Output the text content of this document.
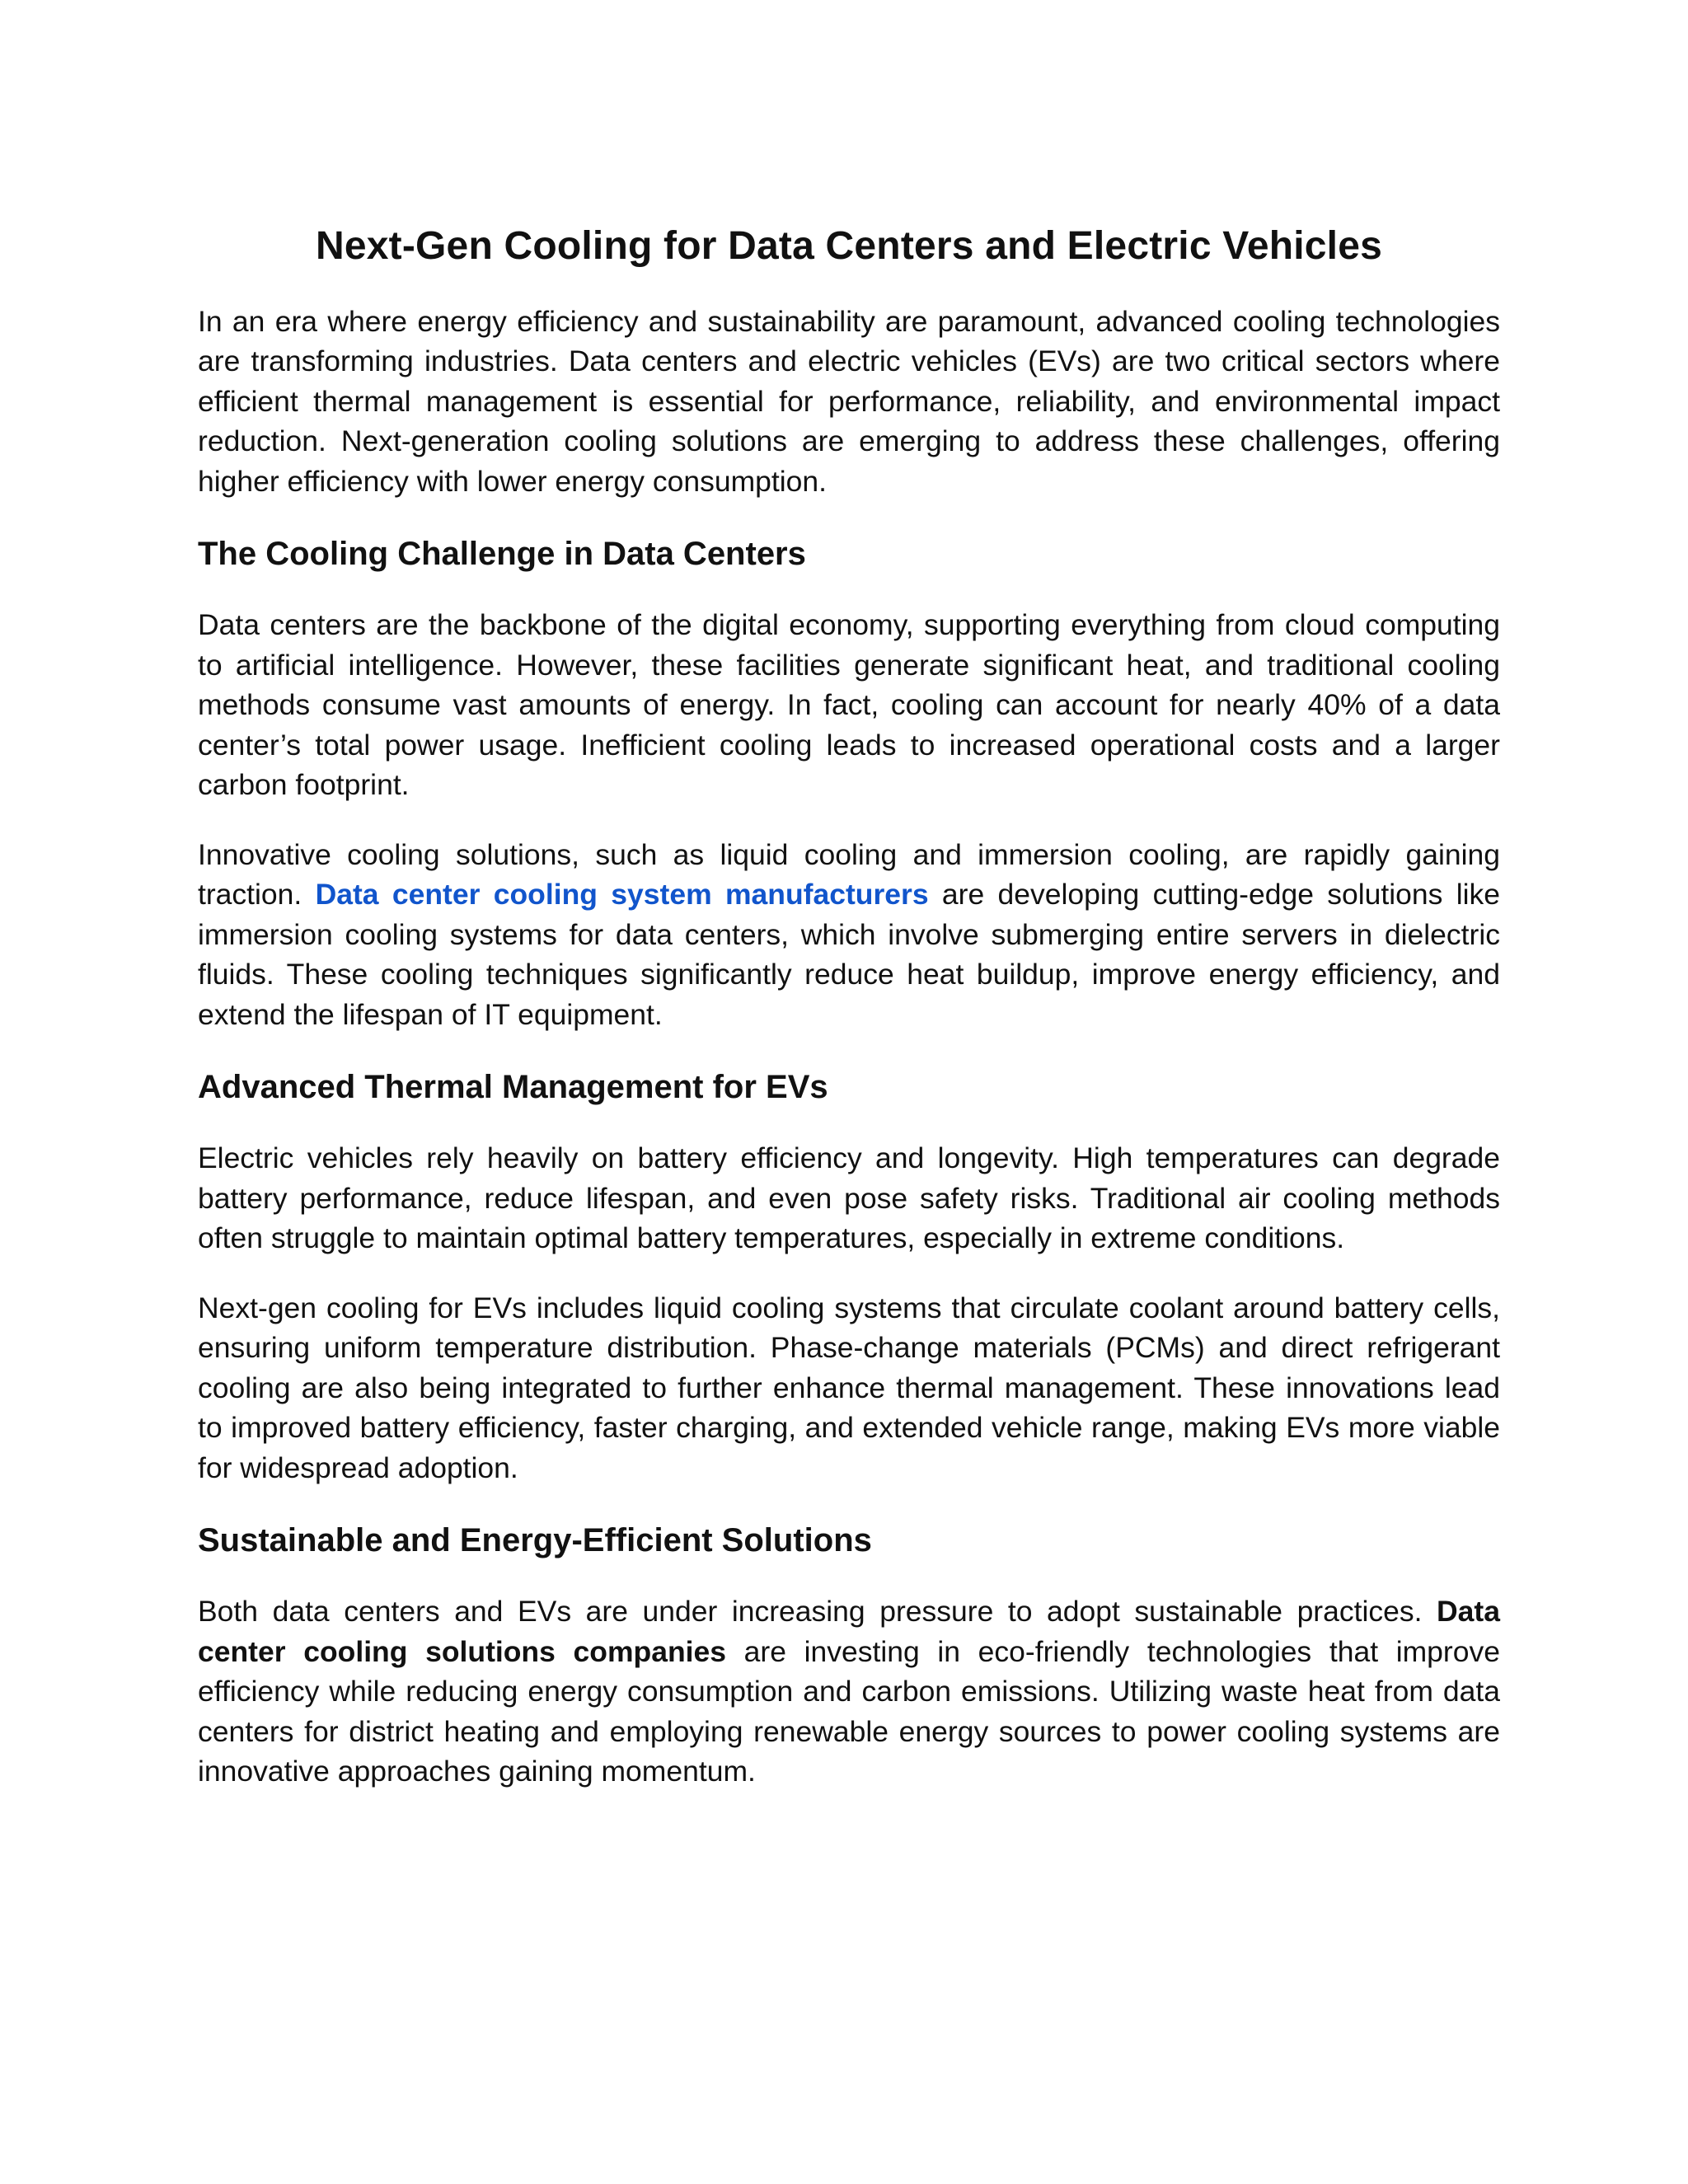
Next-Gen Cooling for Data Centers and Electric Vehicles

In an era where energy efficiency and sustainability are paramount, advanced cooling technologies are transforming industries. Data centers and electric vehicles (EVs) are two critical sectors where efficient thermal management is essential for performance, reliability, and environmental impact reduction. Next-generation cooling solutions are emerging to address these challenges, offering higher efficiency with lower energy consumption.

The Cooling Challenge in Data Centers

Data centers are the backbone of the digital economy, supporting everything from cloud computing to artificial intelligence. However, these facilities generate significant heat, and traditional cooling methods consume vast amounts of energy. In fact, cooling can account for nearly 40% of a data center’s total power usage. Inefficient cooling leads to increased operational costs and a larger carbon footprint.

Innovative cooling solutions, such as liquid cooling and immersion cooling, are rapidly gaining traction. Data center cooling system manufacturers are developing cutting-edge solutions like immersion cooling systems for data centers, which involve submerging entire servers in dielectric fluids. These cooling techniques significantly reduce heat buildup, improve energy efficiency, and extend the lifespan of IT equipment.

Advanced Thermal Management for EVs

Electric vehicles rely heavily on battery efficiency and longevity. High temperatures can degrade battery performance, reduce lifespan, and even pose safety risks. Traditional air cooling methods often struggle to maintain optimal battery temperatures, especially in extreme conditions.

Next-gen cooling for EVs includes liquid cooling systems that circulate coolant around battery cells, ensuring uniform temperature distribution. Phase-change materials (PCMs) and direct refrigerant cooling are also being integrated to further enhance thermal management. These innovations lead to improved battery efficiency, faster charging, and extended vehicle range, making EVs more viable for widespread adoption.

Sustainable and Energy-Efficient Solutions

Both data centers and EVs are under increasing pressure to adopt sustainable practices. Data center cooling solutions companies are investing in eco-friendly technologies that improve efficiency while reducing energy consumption and carbon emissions. Utilizing waste heat from data centers for district heating and employing renewable energy sources to power cooling systems are innovative approaches gaining momentum.
